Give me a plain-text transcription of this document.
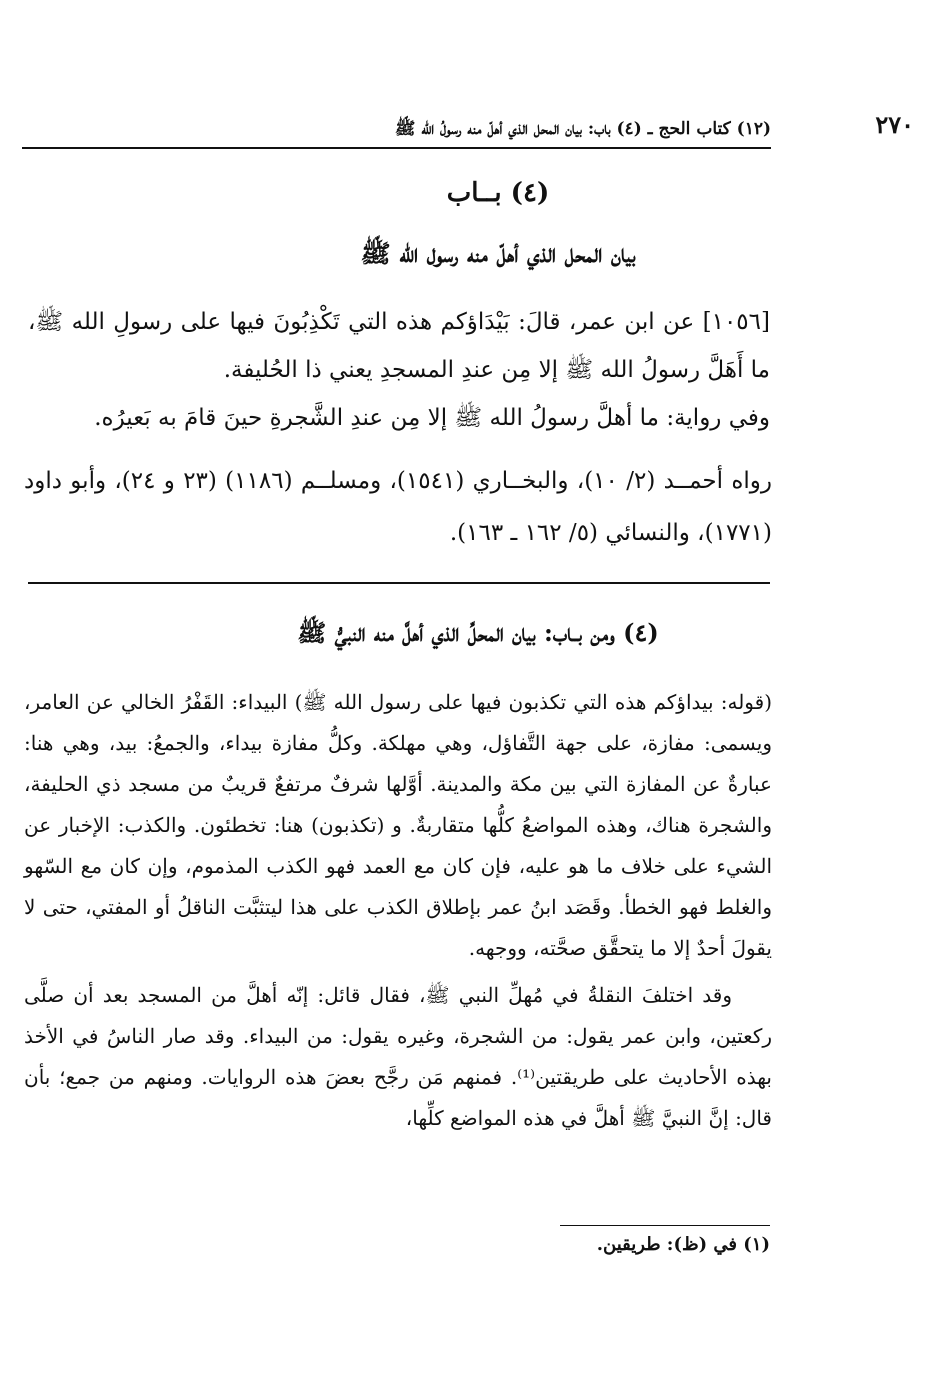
٢٧٠
(١٢) كتاب الحج ـ (٤) باب: بيان المحل الذي أهلّ منه رسولُ الله ﷺ
(٤) بــاب
بيان المحل الذي أهلّ منه رسول الله ﷺ

[١٠٥٦] عن ابن عمر، قالَ: بَيْدَاؤكم هذه التي تَكْذِبُونَ فيها على رسولِ الله ﷺ، ما أَهَلَّ رسولُ الله ﷺ إلا مِن عندِ المسجدِ يعني ذا الحُليفة.

وفي رواية: ما أهلَّ رسولُ الله ﷺ إلا مِن عندِ الشَّجرةِ حينَ قامَ به بَعيرُه.

رواه أحمــد (٢/ ١٠)، والبخــاري (١٥٤١)، ومسلــم (١١٨٦) (٢٣ و ٢٤)، وأبو داود (١٧٧١)، والنسائي (٥/ ١٦٢ ـ ١٦٣).

(٤) ومن بــاب: بيان المحلِّ الذي أهلَّ منه النبيُّ ﷺ

(قوله: بيداؤكم هذه التي تكذبون فيها على رسول الله ﷺ) البيداء: القَفْرُ الخالي عن العامر، ويسمى: مفازة، على جهة التَّفاؤل، وهي مهلكة. وكلُّ مفازة بيداء، والجمعُ: بيد، وهي هنا: عبارةٌ عن المفازة التي بين مكة والمدينة. أوَّلها شرفٌ مرتفعٌ قريبٌ من مسجد ذي الحليفة، والشجرة هناك، وهذه المواضعُ كلُّها متقاربةٌ. و (تكذبون) هنا: تخطئون. والكذب: الإخبار عن الشيء على خلاف ما هو عليه، فإن كان مع العمد فهو الكذب المذموم، وإن كان مع السّهو والغلط فهو الخطأ. وقَصَد ابنُ عمر بإطلاق الكذب على هذا ليتثبَّت الناقلُ أو المفتي، حتى لا يقولَ أحدٌ إلا ما يتحقَّق صحَّته، ووجهه.

وقد اختلفَ النقلةُ في مُهلِّ النبي ﷺ، فقال قائل: إنّه أهلَّ من المسجد بعد أن صلَّى ركعتين، وابن عمر يقول: من الشجرة، وغيره يقول: من البيداء. وقد صار الناسُ في الأخذ بهذه الأحاديث على طريقتين⁽¹⁾. فمنهم مَن رجَّح بعضَ هذه الروايات. ومنهم من جمع؛ بأن قال: إنَّ النبيَّ ﷺ أهلَّ في هذه المواضع كلِّها،

(١) في (ظ): طريقين.
